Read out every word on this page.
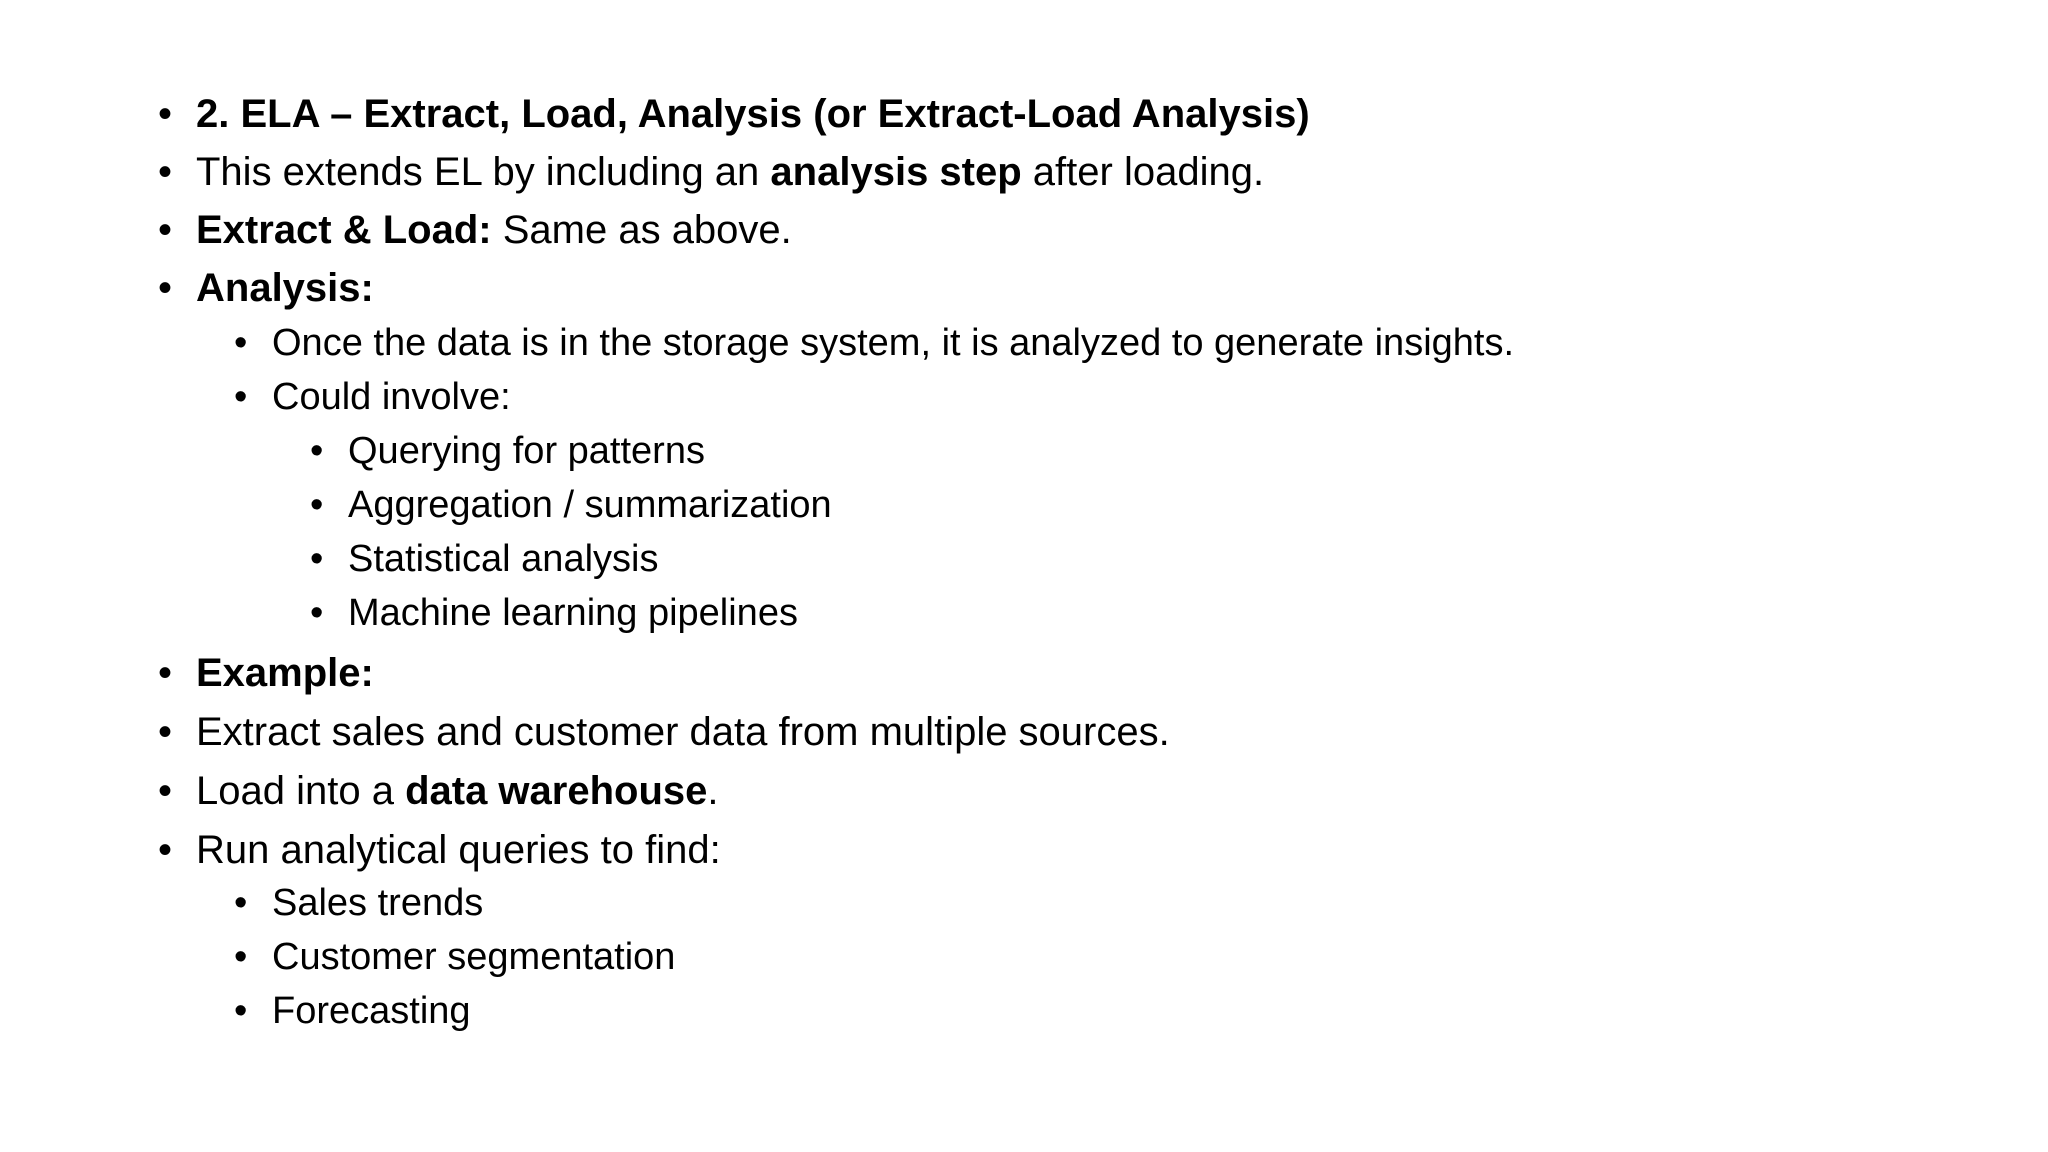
• 2. ELA – Extract, Load, Analysis (or Extract-Load Analysis)
• This extends EL by including an analysis step after loading.
• Extract & Load: Same as above.
• Analysis:
• Once the data is in the storage system, it is analyzed to generate insights.
• Could involve:
• Querying for patterns
• Aggregation / summarization
• Statistical analysis
• Machine learning pipelines
• Example:
• Extract sales and customer data from multiple sources.
• Load into a data warehouse.
• Run analytical queries to find:
• Sales trends
• Customer segmentation
• Forecasting
